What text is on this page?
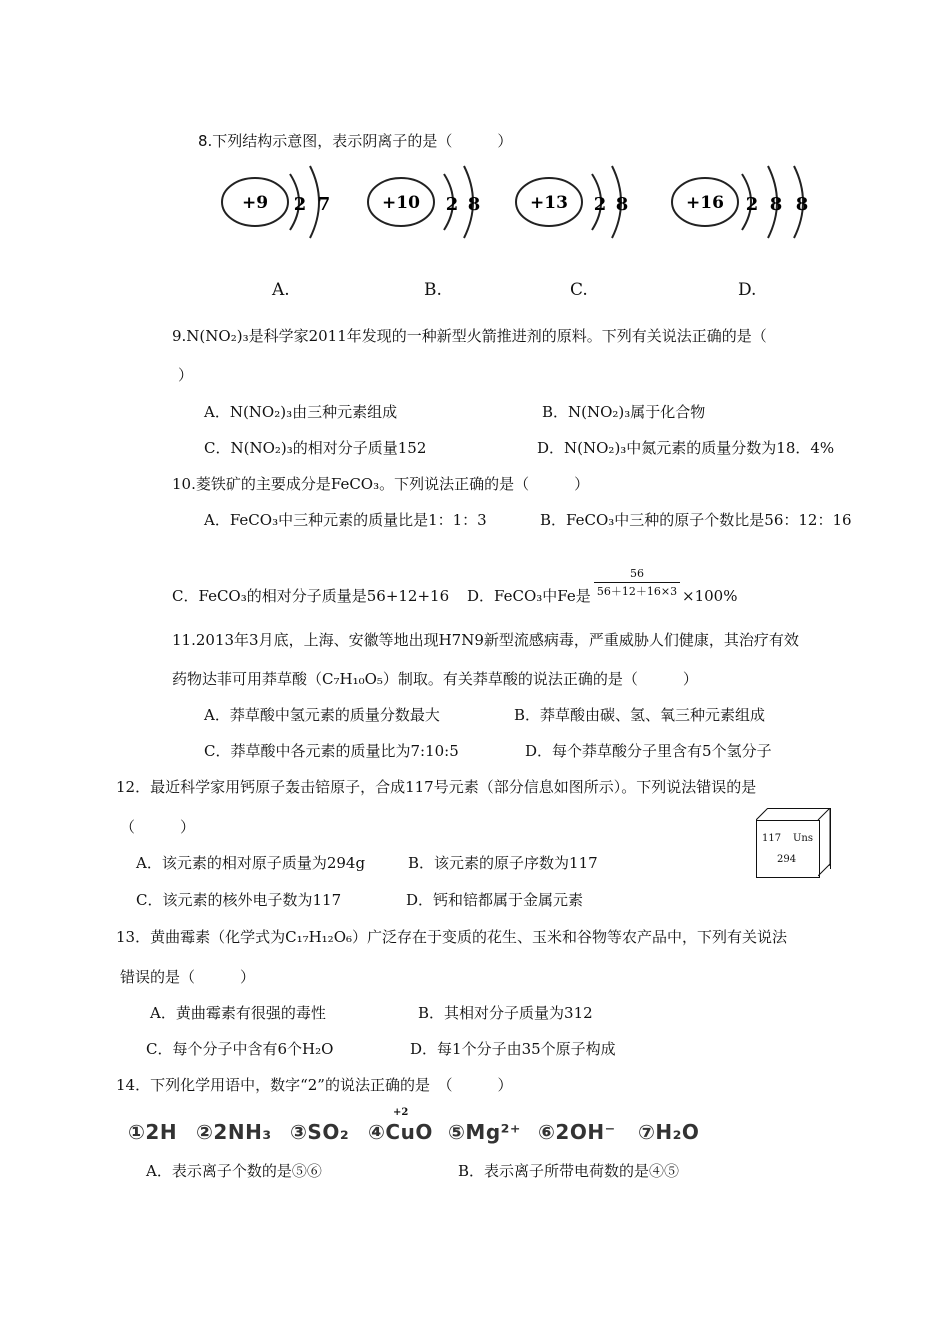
8.下列结构示意图，表示阴离子的是（　　　）
+9 2 7	+10 2 8	+13 2 8	+16 2 8 8
A.	B.	C.	D.
9.N(NO₂)₃是科学家2011年发现的一种新型火箭推进剂的原料。下列有关说法正确的是（
）
A．N(NO₂)₃由三种元素组成	B．N(NO₂)₃属于化合物
C．N(NO₂)₃的相对分子质量152	D．N(NO₂)₃中氮元素的质量分数为18．4%
10.菱铁矿的主要成分是FeCO₃。下列说法正确的是（　　　）
A．FeCO₃中三种元素的质量比是1：1：3	B．FeCO₃中三种的原子个数比是56：12：16
C．FeCO₃的相对分子质量是56+12+16 D．FeCO₃中Fe是
56
56＋12＋16×3 ×100%
11.2013年3月底，上海、安徽等地出现H7N9新型流感病毒，严重威胁人们健康，其治疗有效
药物达菲可用莽草酸（C₇H₁₀O₅）制取。有关莽草酸的说法正确的是（　　　）
A．莽草酸中氢元素的质量分数最大	B．莽草酸由碳、氢、氧三种元素组成
C．莽草酸中各元素的质量比为7:10:5	D．每个莽草酸分子里含有5个氢分子
12．最近科学家用钙原子轰击锫原子，合成117号元素（部分信息如图所示）。下列说法错误的是
（　　　）
A．该元素的相对原子质量为294g	B．该元素的原子序数为117
C．该元素的核外电子数为117	D．钙和锫都属于金属元素
117 Uns
294
13．黄曲霉素（化学式为C₁₇H₁₂O₆）广泛存在于变质的花生、玉米和谷物等农产品中，下列有关说法
错误的是（　　　）
A．黄曲霉素有很强的毒性	B．其相对分子质量为312
C．每个分子中含有6个H₂O	D．每1个分子由35个原子构成
14．下列化学用语中，数字“2”的说法正确的是　（　　　）
①2H ②2NH₃ ③SO₂
+2
④CuO ⑤Mg²⁺ ⑥2OH⁻ ⑦H₂O
A．表示离子个数的是⑤⑥	B．表示离子所带电荷数的是④⑤
